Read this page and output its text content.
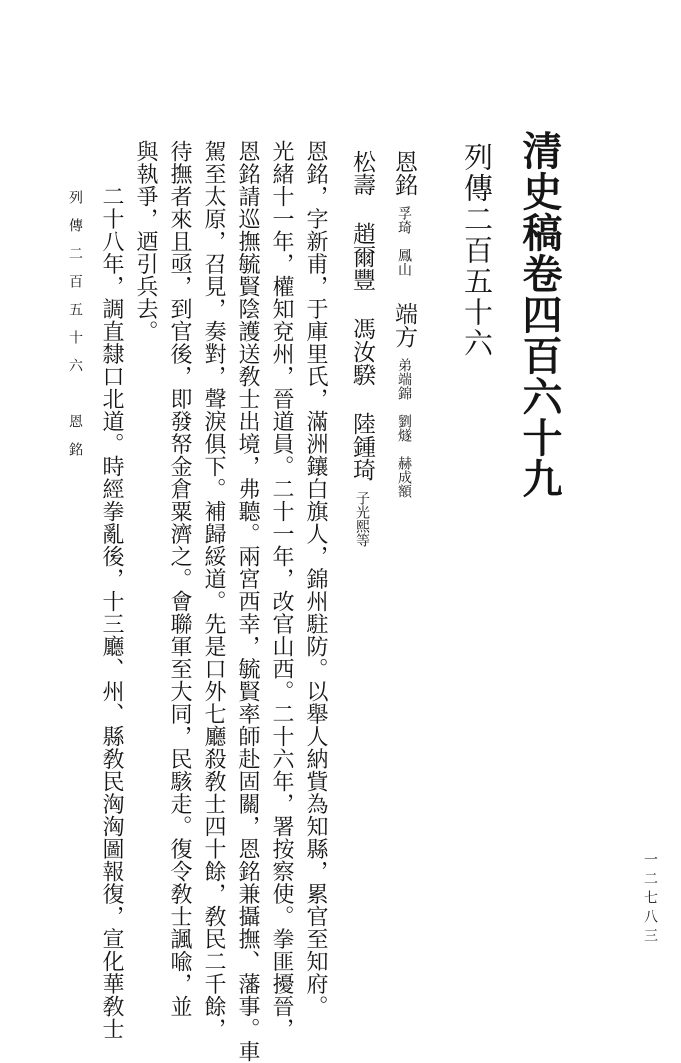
清史稿卷四百六十九
列傳二百五十六
恩銘孚琦　鳳山端方弟端錦　劉燧　赫成額
松壽趙爾豐馮汝騤陸鍾琦子光熙等
恩銘，字新甫，于庫里氏，滿洲鑲白旗人，錦州駐防。以舉人納貲為知縣，累官至知府。
光緒十一年，權知兗州，晉道員。二十一年，改官山西。二十六年，署按察使。拳匪擾晉，
恩銘請巡撫毓賢陰護送敎士出境，弗聽。兩宮西幸，毓賢率師赴固關，恩銘兼攝撫、藩事。車
駕至太原，召見，奏對，聲淚俱下。補歸綏道。先是口外七廳殺敎士四十餘，敎民二千餘，
待撫者來且亟，到官後，即發帑金倉粟濟之。會聯軍至大同，民駭走。復令敎士諷喩，並
與執爭，迺引兵去。
　　二十八年，調直隸口北道。時經拳亂後，十三廳、州、縣敎民洶洶圖報復，宣化華敎士
列傳二百五十六　恩銘
一二七八三
